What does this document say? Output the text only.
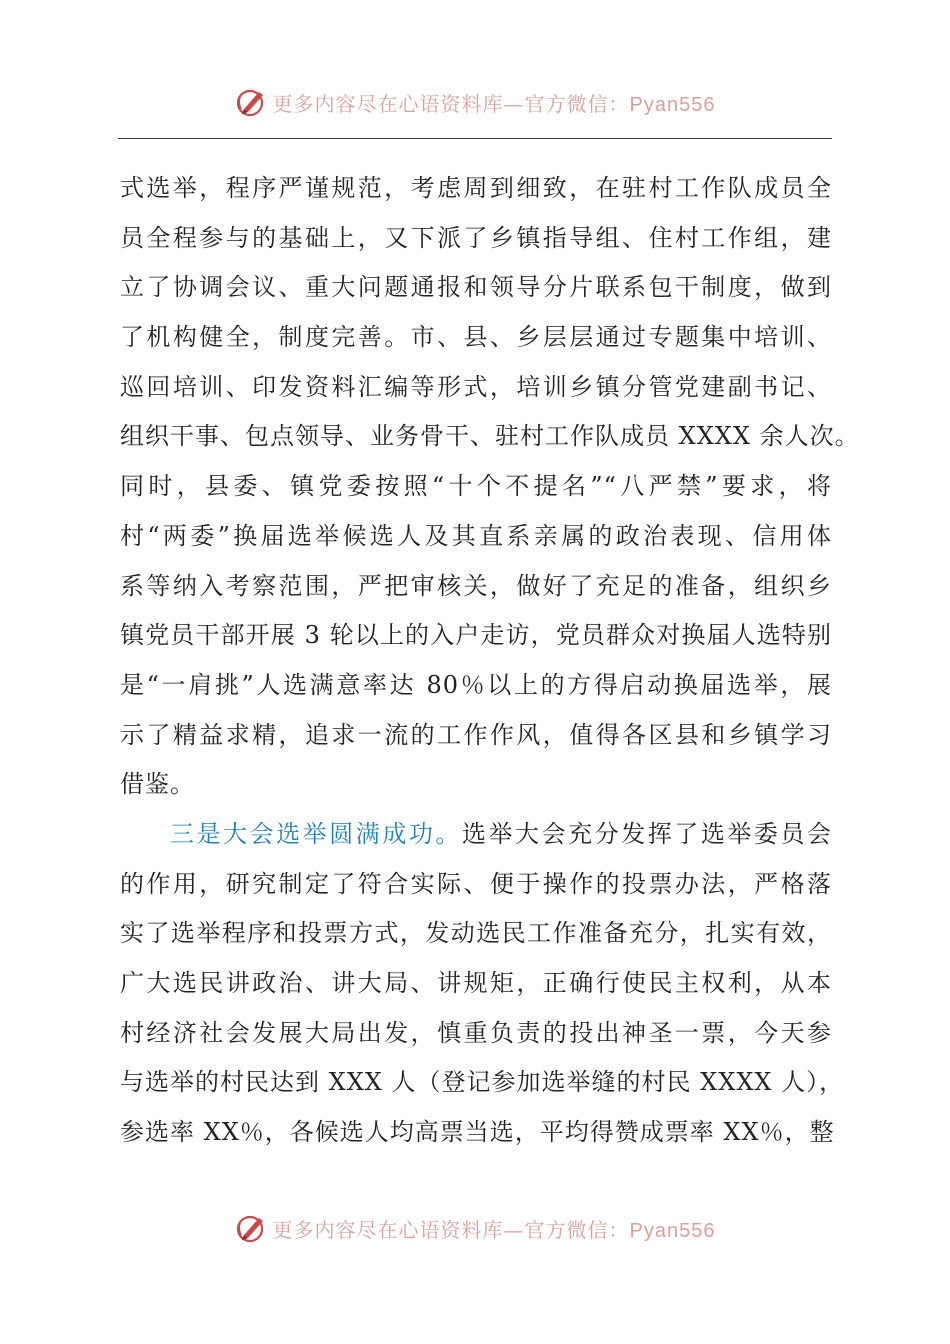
更多内容尽在心语资料库—官方微信：Pyan556
式选举，程序严谨规范，考虑周到细致，在驻村工作队成员全
员全程参与的基础上，又下派了乡镇指导组、住村工作组，建
立了协调会议、重大问题通报和领导分片联系包干制度，做到
了机构健全，制度完善。市、县、乡层层通过专题集中培训、
巡回培训、印发资料汇编等形式，培训乡镇分管党建副书记、
组织干事、包点领导、业务骨干、驻村工作队成员 XXXX 余人次。
同时，县委、镇党委按照“十个不提名”“八严禁”要求，将
村“两委”换届选举候选人及其直系亲属的政治表现、信用体
系等纳入考察范围，严把审核关，做好了充足的准备，组织乡
镇党员干部开展 3 轮以上的入户走访，党员群众对换届人选特别
是“一肩挑”人选满意率达 80％以上的方得启动换届选举，展
示了精益求精，追求一流的工作作风，值得各区县和乡镇学习
借鉴。
三是大会选举圆满成功。选举大会充分发挥了选举委员会
的作用，研究制定了符合实际、便于操作的投票办法，严格落
实了选举程序和投票方式，发动选民工作准备充分，扎实有效，
广大选民讲政治、讲大局、讲规矩，正确行使民主权利，从本
村经济社会发展大局出发，慎重负责的投出神圣一票，今天参
与选举的村民达到 XXX 人（登记参加选举缝的村民 XXXX 人），
参选率 XX％，各候选人均高票当选，平均得赞成票率 XX％，整
更多内容尽在心语资料库—官方微信：Pyan556
